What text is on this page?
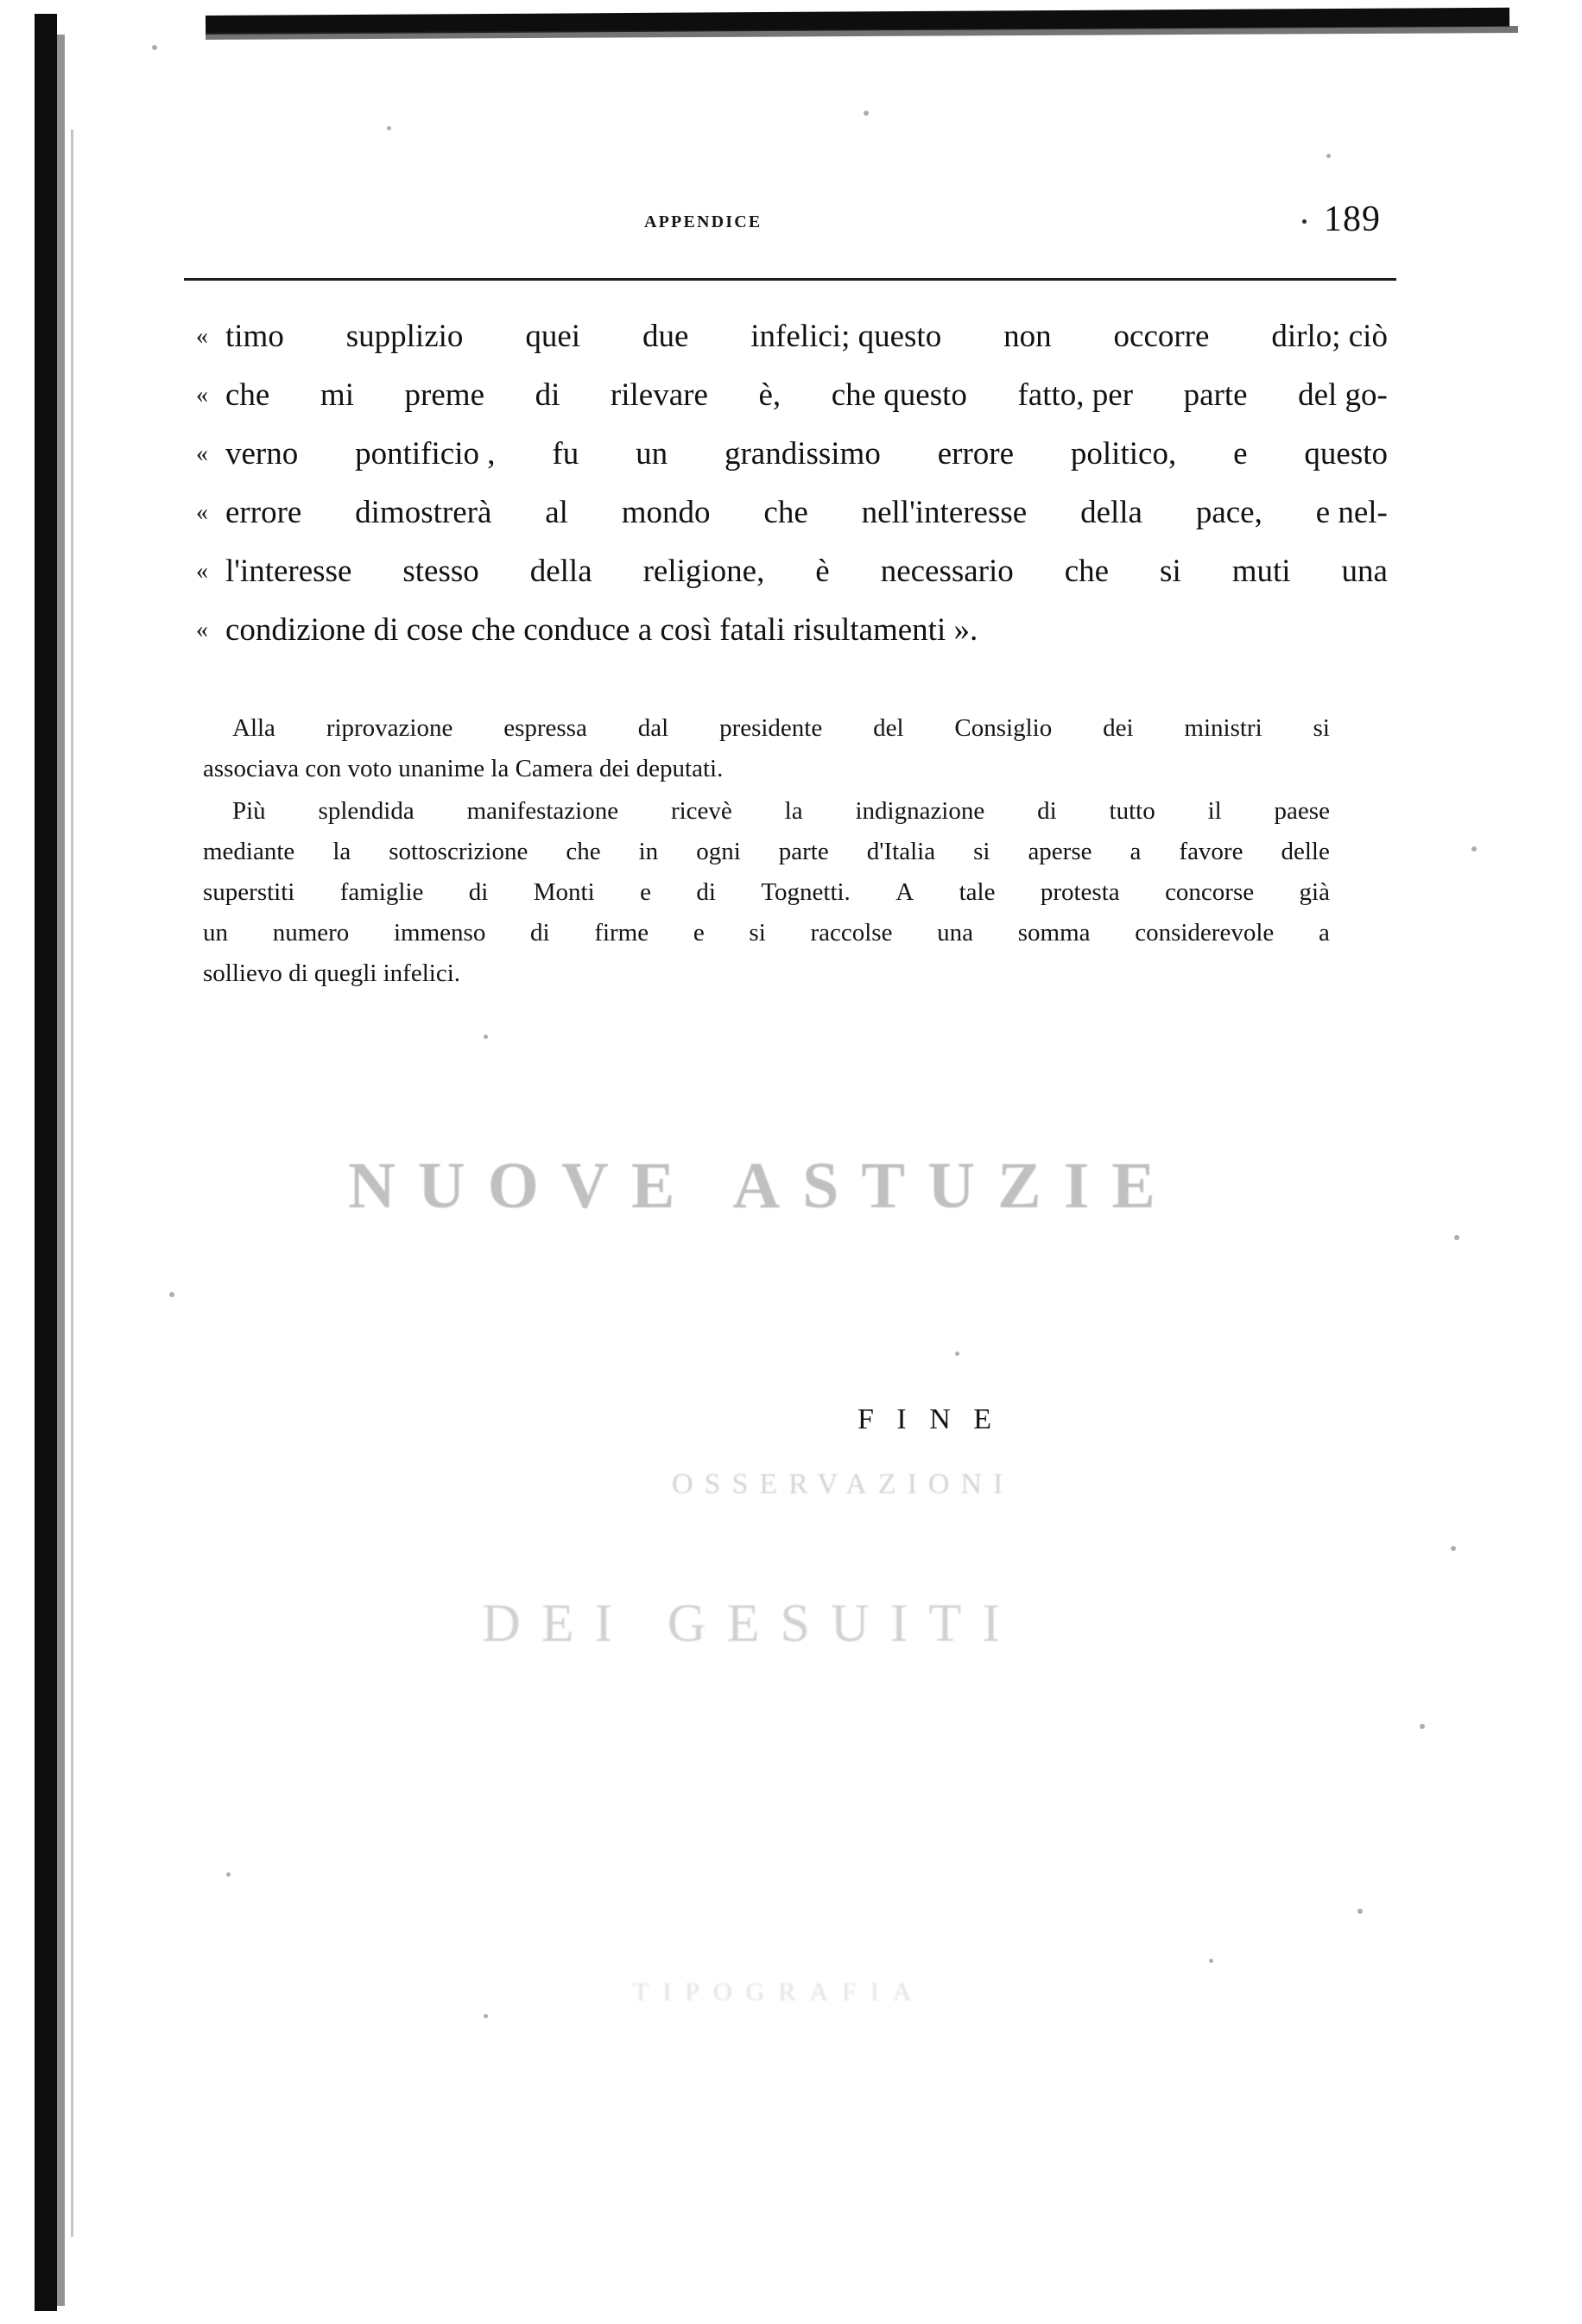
APPENDICE	189
« timo supplizio quei due infelici; questo non occorre dirlo; ciò
« che mi preme di rilevare è, che questo fatto, per parte del go-
« verno pontificio , fu un grandissimo errore politico, e questo
« errore dimostrerà al mondo che nell'interesse della pace, e nel-
« l'interesse stesso della religione, è necessario che si muti una
« condizione di cose che conduce a così fatali risultamenti ».
Alla riprovazione espressa dal presidente del Consiglio dei ministri si
associava con voto unanime la Camera dei deputati.
Più splendida manifestazione ricevè la indignazione di tutto il paese
mediante la sottoscrizione che in ogni parte d'Italia si aperse a favore delle
superstiti famiglie di Monti e di Tognetti. A tale protesta concorse già
un numero immenso di firme e si raccolse una somma considerevole a
sollievo di quegli infelici.
NUOVE ASTUZIE
OSSERVAZIONI
DEI GESUITI
TIPOGRAFIA
F I N E
